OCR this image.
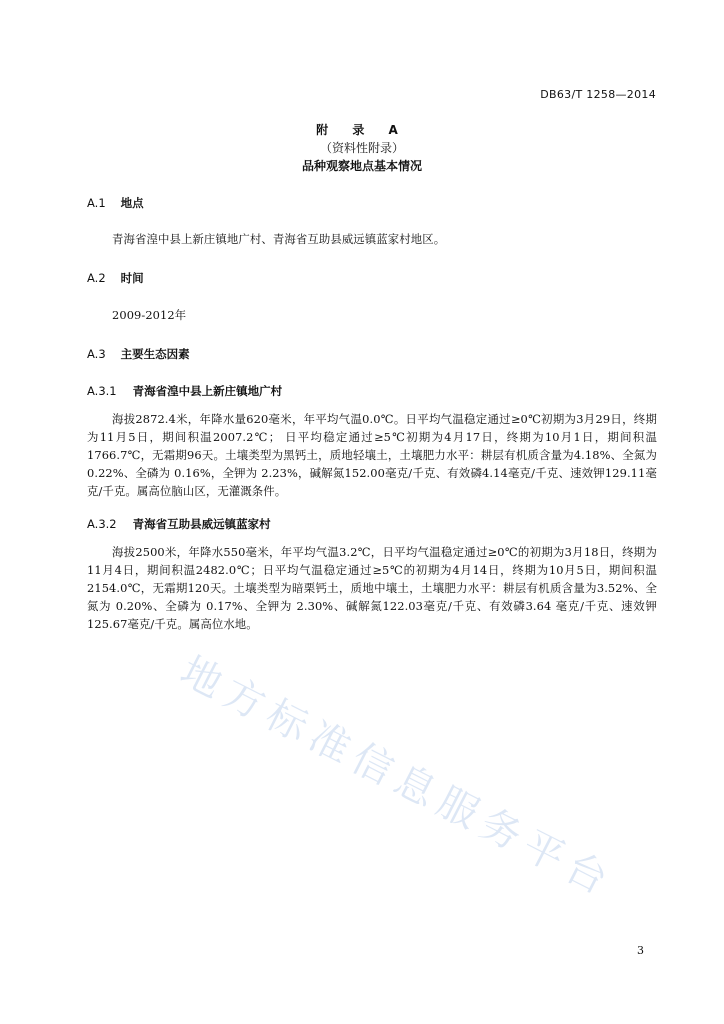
DB63/T 1258—2014
附 录 A
（资料性附录）
品种观察地点基本情况
A.1 地点
青海省湟中县上新庄镇地广村、青海省互助县威远镇蓝家村地区。
A.2 时间
2009-2012年
A.3 主要生态因素
A.3.1 青海省湟中县上新庄镇地广村
海拔2872.4米，年降水量620毫米，年平均气温0.0℃。日平均气温稳定通过≥0℃初期为3月29日，终期为11月5日，期间积温2007.2℃； 日平均稳定通过≥5℃初期为4月17日，终期为10月1日，期间积温1766.7℃，无霜期96天。土壤类型为黑钙土，质地轻壤土，土壤肥力水平：耕层有机质含量为4.18%、全氮为 0.22%、全磷为 0.16%，全钾为 2.23%，碱解氮152.00毫克/千克、有效磷4.14毫克/千克、速效钾129.11毫克/千克。属高位脑山区，无灌溉条件。
A.3.2 青海省互助县威远镇蓝家村
海拔2500米，年降水550毫米，年平均气温3.2℃，日平均气温稳定通过≥0℃的初期为3月18日，终期为11月4日，期间积温2482.0℃；日平均气温稳定通过≥5℃的初期为4月14日，终期为10月5日，期间积温2154.0℃，无霜期120天。土壤类型为暗栗钙土，质地中壤土，土壤肥力水平：耕层有机质含量为3.52%、全氮为 0.20%、全磷为 0.17%、全钾为 2.30%、碱解氮122.03毫克/千克、有效磷3.64 毫克/千克、速效钾125.67毫克/千克。属高位水地。
地方标准信息服务平台
3
